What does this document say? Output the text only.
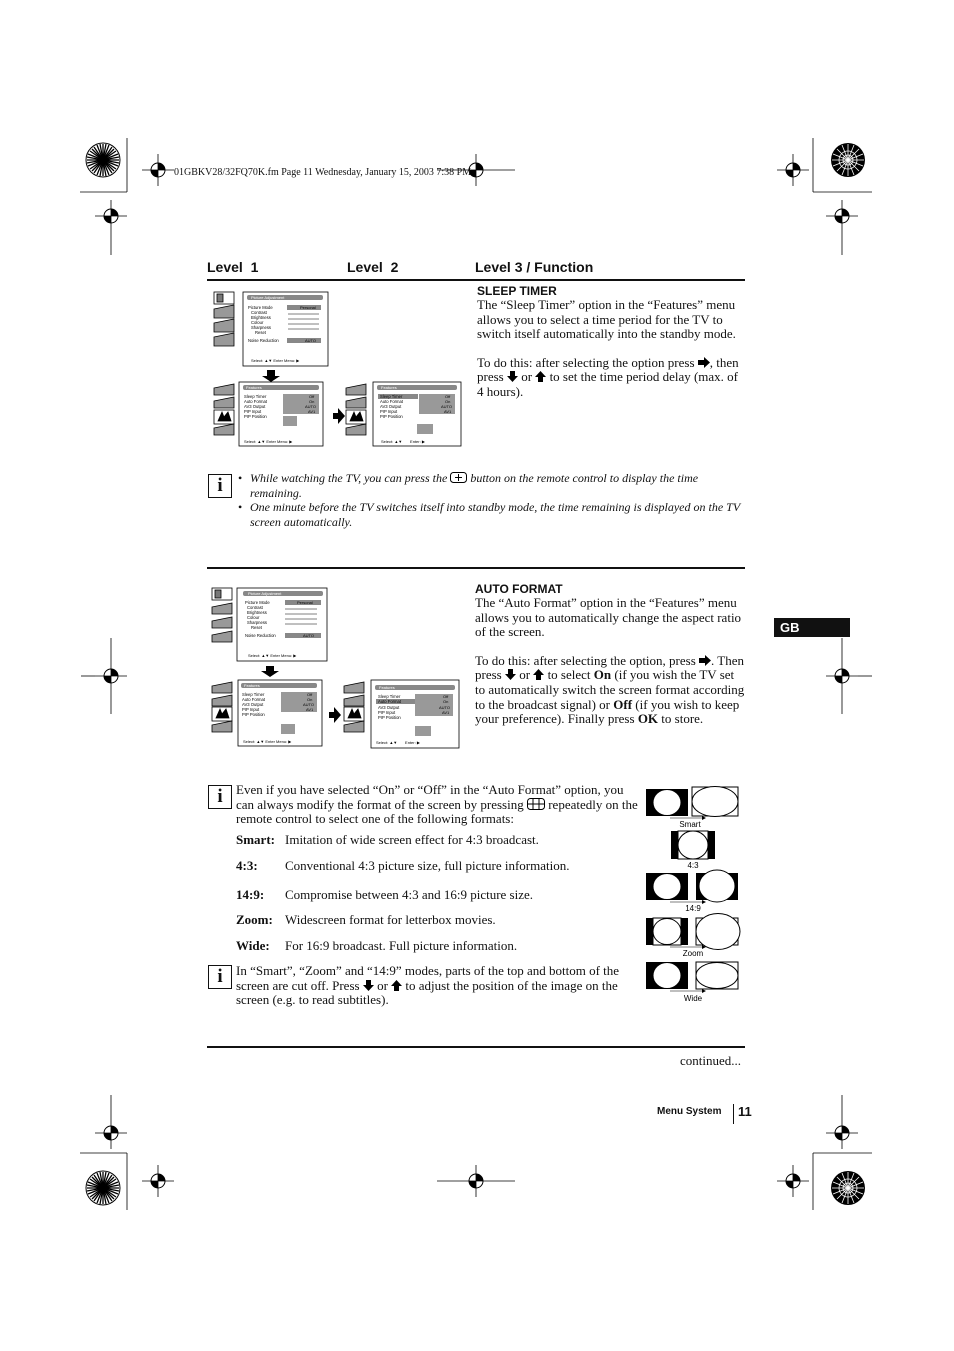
01GBKV28/32FQ70K.fm Page 11 Wednesday, January 15, 2003 7:38 PM
Level  1	Level  2	Level 3 / Function
Picture Adjustment
Picture Mode
Contrast
Brightness
Colour
Sharpness
Reset
Noise Reduction
Personal
AUTO
Select: ▲▼ Enter Menu: ▶
Features
Sleep Timer
Auto Format
AV3 Output
PIP Input
PIP Position
Off
On
AUTO
AV1
Select: ▲▼ Enter Menu: ▶
Features
Sleep Timer
Auto Format
AV3 Output
PIP Input
PIP Position
Off
On
AUTO
AV1
Select: ▲▼       Enter: ▶
SLEEP TIMER
The “Sleep Timer” option in the “Features” menu allows you to select a time period for the TV to switch itself automatically into the standby mode.
To do this: after selecting the option press , then press or to set the time period delay (max. of 4 hours).
i	• While watching the TV, you can press the button on the remote control to display the time remaining.
• One minute before the TV switches itself into standby mode, the time remaining is displayed on the TV screen automatically.
Picture Adjustment
Picture Mode
Contrast
Brightness
Colour
Sharpness
Reset
Noise Reduction
Personal
AUTO
Select: ▲▼ Enter Menu: ▶
Features
Sleep Timer
Auto Format
AV3 Output
PIP Input
PIP Position
Off
On
AUTO
AV1
Select: ▲▼ Enter Menu: ▶
Features
Sleep Timer
Auto Format
AV3 Output
PIP Input
PIP Position
Off
On
AUTO
AV1
Select: ▲▼       Enter: ▶
AUTO FORMAT
The “Auto Format” option in the “Features” menu allows you to automatically change the aspect ratio of the screen.
To do this: after selecting the option, press . Then press or to select On (if you wish the TV set to automatically switch the screen format according to the broadcast signal) or Off (if you wish to keep your preference). Finally press OK to store.
GB
i	Even if you have selected “On” or “Off” in the “Auto Format” option, you can always modify the format of the screen by pressing repeatedly on the remote control to select one of the following formats:
Smart: Imitation of wide screen effect for 4:3 broadcast.
4:3: Conventional 4:3 picture size, full picture information.
14:9: Compromise between 4:3 and 16:9 picture size.
Zoom: Widescreen format for letterbox movies.
Wide: For 16:9 broadcast. Full picture information.
i	In “Smart”, “Zoom” and “14:9” modes, parts of the top and bottom of the screen are cut off. Press or to adjust the position of the image on the screen (e.g. to read subtitles).
Smart
4:3
14:9
Zoom
Wide
continued...
Menu System 11
